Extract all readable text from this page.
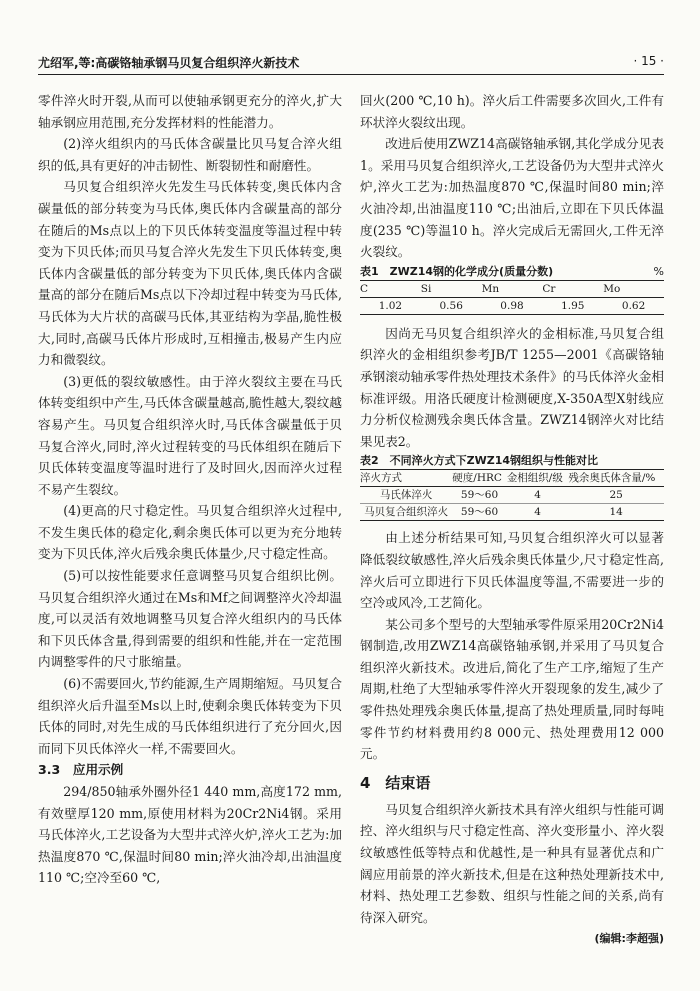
尤绍军,等:高碳铬轴承钢马贝复合组织淬火新技术	· 15 ·

零件淬火时开裂,从而可以使轴承钢更充分的淬火,扩大轴承钢应用范围,充分发挥材料的性能潜力。

(2)淬火组织内的马氏体含碳量比贝马复合淬火组织的低,具有更好的冲击韧性、断裂韧性和耐磨性。

马贝复合组织淬火先发生马氏体转变,奥氏体内含碳量低的部分转变为马氏体,奥氏体内含碳量高的部分在随后的Ms点以上的下贝氏体转变温度等温过程中转变为下贝氏体;而贝马复合淬火先发生下贝氏体转变,奥氏体内含碳量低的部分转变为下贝氏体,奥氏体内含碳量高的部分在随后Ms点以下冷却过程中转变为马氏体,马氏体为大片状的高碳马氏体,其亚结构为孪晶,脆性极大,同时,高碳马氏体片形成时,互相撞击,极易产生内应力和微裂纹。

(3)更低的裂纹敏感性。由于淬火裂纹主要在马氏体转变组织中产生,马氏体含碳量越高,脆性越大,裂纹越容易产生。马贝复合组织淬火时,马氏体含碳量低于贝马复合淬火,同时,淬火过程转变的马氏体组织在随后下贝氏体转变温度等温时进行了及时回火,因而淬火过程不易产生裂纹。

(4)更高的尺寸稳定性。马贝复合组织淬火过程中,不发生奥氏体的稳定化,剩余奥氏体可以更为充分地转变为下贝氏体,淬火后残余奥氏体量少,尺寸稳定性高。

(5)可以按性能要求任意调整马贝复合组织比例。马贝复合组织淬火通过在Ms和Mf之间调整淬火冷却温度,可以灵活有效地调整马贝复合淬火组织内的马氏体和下贝氏体含量,得到需要的组织和性能,并在一定范围内调整零件的尺寸胀缩量。

(6)不需要回火,节约能源,生产周期缩短。马贝复合组织淬火后升温至Ms以上时,使剩余奥氏体转变为下贝氏体的同时,对先生成的马氏体组织进行了充分回火,因而同下贝氏体淬火一样,不需要回火。

3.3　应用示例

294/850轴承外圈外径1 440 mm,高度172 mm,有效壁厚120 mm,原使用材料为20Cr2Ni4钢。采用马氏体淬火,工艺设备为大型井式淬火炉,淬火工艺为:加热温度870 ℃,保温时间80 min;淬火油冷却,出油温度110 ℃;空冷至60 ℃,

回火(200 ℃,10 h)。淬火后工件需要多次回火,工件有环状淬火裂纹出现。

改进后使用ZWZ14高碳铬轴承钢,其化学成分见表1。采用马贝复合组织淬火,工艺设备仍为大型井式淬火炉,淬火工艺为:加热温度870 ℃,保温时间80 min;淬火油冷却,出油温度110 ℃;出油后,立即在下贝氏体温度(235 ℃)等温10 h。淬火完成后无需回火,工件无淬火裂纹。

表1　ZWZ14钢的化学成分(质量分数)	%
C	Si	Mn	Cr	Mo
1.02	0.56	0.98	1.95	0.62

因尚无马贝复合组织淬火的金相标准,马贝复合组织淬火的金相组织参考JB/T 1255—2001《高碳铬轴承钢滚动轴承零件热处理技术条件》的马氏体淬火金相标准评级。用洛氏硬度计检测硬度,X-350A型X射线应力分析仪检测残余奥氏体含量。ZWZ14钢淬火对比结果见表2。

表2　不同淬火方式下ZWZ14钢组织与性能对比
淬火方式	硬度/HRC	金相组织/级	残余奥氏体含量/%
马氏体淬火	59～60	4	25
马贝复合组织淬火	59～60	4	14

由上述分析结果可知,马贝复合组织淬火可以显著降低裂纹敏感性,淬火后残余奥氏体量少,尺寸稳定性高,淬火后可立即进行下贝氏体温度等温,不需要进一步的空冷或风冷,工艺简化。

某公司多个型号的大型轴承零件原采用20Cr2Ni4钢制造,改用ZWZ14高碳铬轴承钢,并采用了马贝复合组织淬火新技术。改进后,简化了生产工序,缩短了生产周期,杜绝了大型轴承零件淬火开裂现象的发生,减少了零件热处理残余奥氏体量,提高了热处理质量,同时每吨零件节约材料费用约8 000元、热处理费用12 000元。

4　结束语

马贝复合组织淬火新技术具有淬火组织与性能可调控、淬火组织与尺寸稳定性高、淬火变形量小、淬火裂纹敏感性低等特点和优越性,是一种具有显著优点和广阔应用前景的淬火新技术,但是在这种热处理新技术中,材料、热处理工艺参数、组织与性能之间的关系,尚有待深入研究。

(编辑:李超强)
